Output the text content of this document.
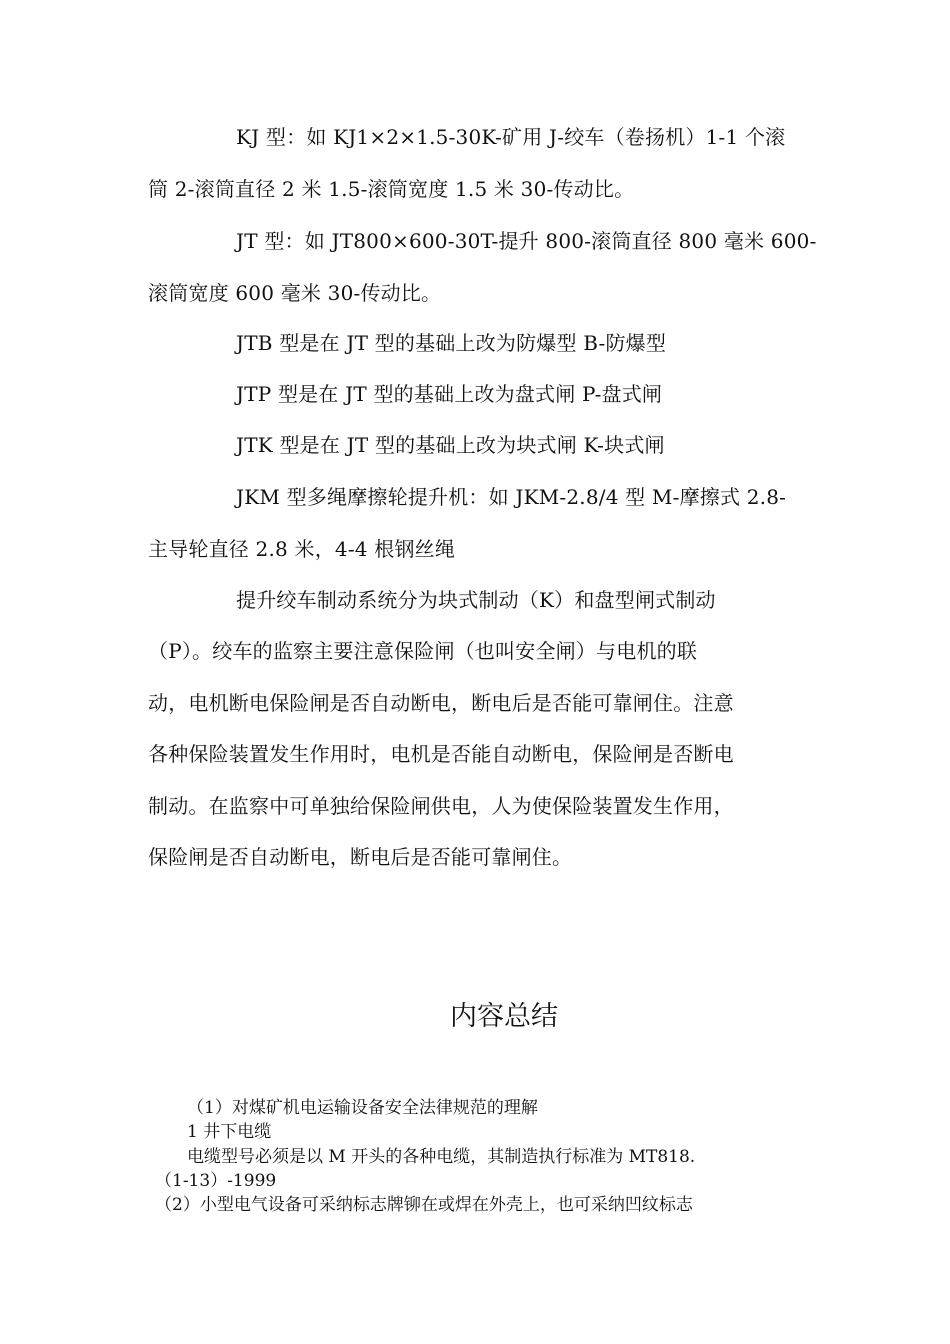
KJ 型：如 KJ1×2×1.5-30K-矿用 J-绞车（卷扬机）1-1 个滚
筒 2-滚筒直径 2 米 1.5-滚筒宽度 1.5 米 30-传动比。
JT 型：如 JT800×600-30T-提升 800-滚筒直径 800 毫米 600-
滚筒宽度 600 毫米 30-传动比。
JTB 型是在 JT 型的基础上改为防爆型 B-防爆型
JTP 型是在 JT 型的基础上改为盘式闸 P-盘式闸
JTK 型是在 JT 型的基础上改为块式闸 K-块式闸
JKM 型多绳摩擦轮提升机：如 JKM-2.8/4 型 M-摩擦式 2.8-
主导轮直径 2.8 米，4-4 根钢丝绳
提升绞车制动系统分为块式制动（K）和盘型闸式制动
（P）。绞车的监察主要注意保险闸（也叫安全闸）与电机的联
动，电机断电保险闸是否自动断电，断电后是否能可靠闸住。注意
各种保险装置发生作用时，电机是否能自动断电，保险闸是否断电
制动。在监察中可单独给保险闸供电，人为使保险装置发生作用，
保险闸是否自动断电，断电后是否能可靠闸住。
内容总结
（1）对煤矿机电运输设备安全法律规范的理解
1 井下电缆
电缆型号必须是以 M 开头的各种电缆，其制造执行标准为 MT818.
（1-13）-1999
（2）小型电气设备可采纳标志牌铆在或焊在外壳上，也可采纳凹纹标志
